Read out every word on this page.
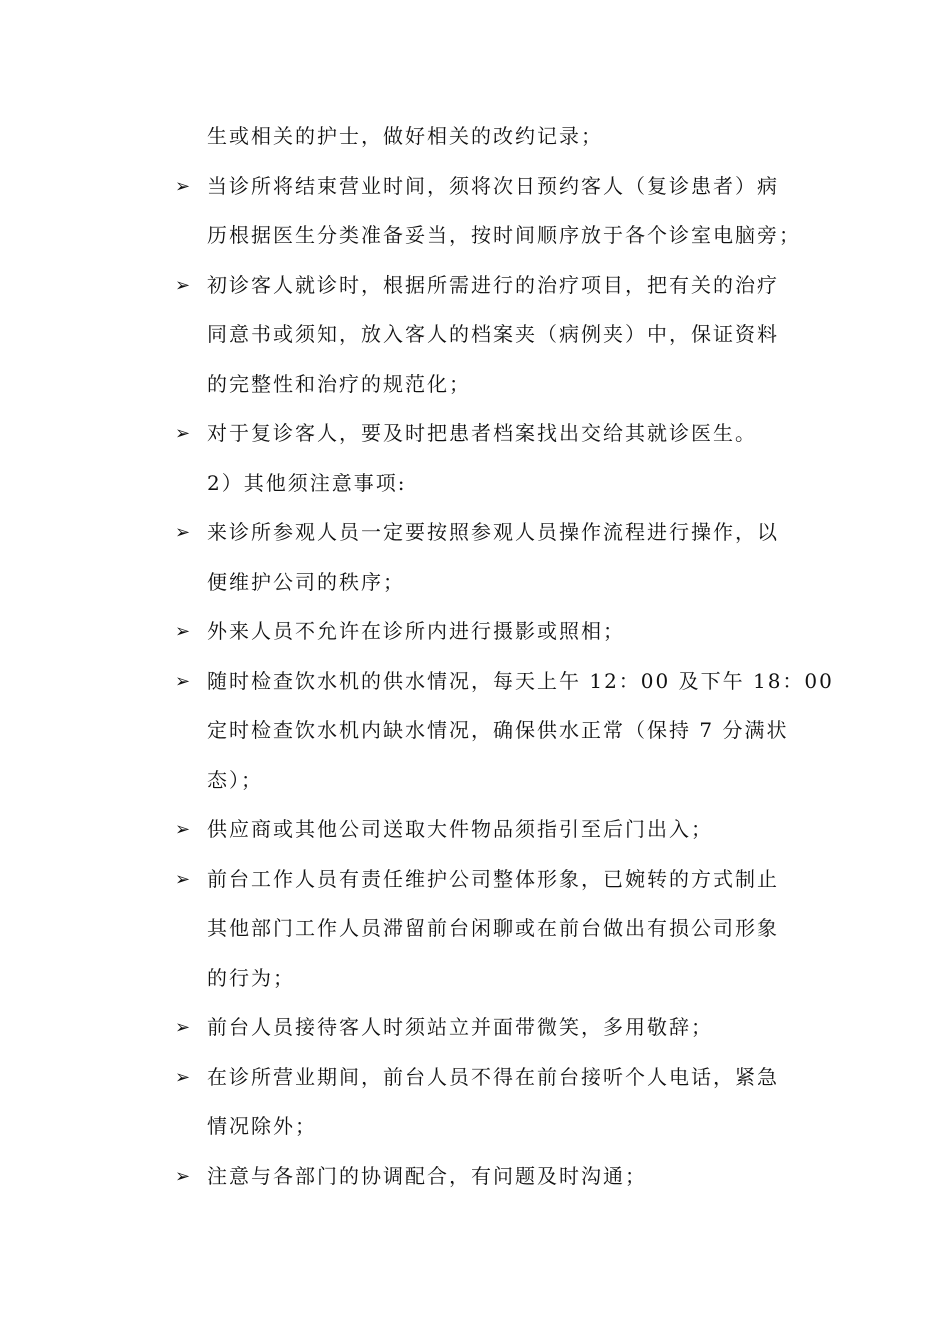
生或相关的护士，做好相关的改约记录；
➢ 当诊所将结束营业时间，须将次日预约客人（复诊患者）病
历根据医生分类准备妥当，按时间顺序放于各个诊室电脑旁；
➢ 初诊客人就诊时，根据所需进行的治疗项目，把有关的治疗
同意书或须知，放入客人的档案夹（病例夹）中，保证资料
的完整性和治疗的规范化；
➢ 对于复诊客人，要及时把患者档案找出交给其就诊医生。
2）其他须注意事项:
➢ 来诊所参观人员一定要按照参观人员操作流程进行操作，以
便维护公司的秩序；
➢ 外来人员不允许在诊所内进行摄影或照相；
➢ 随时检查饮水机的供水情况，每天上午 12：00 及下午 18：00
定时检查饮水机内缺水情况，确保供水正常（保持 7 分满状
态）；
➢ 供应商或其他公司送取大件物品须指引至后门出入；
➢ 前台工作人员有责任维护公司整体形象，已婉转的方式制止
其他部门工作人员滞留前台闲聊或在前台做出有损公司形象
的行为；
➢ 前台人员接待客人时须站立并面带微笑，多用敬辞；
➢ 在诊所营业期间，前台人员不得在前台接听个人电话，紧急
情况除外；
➢ 注意与各部门的协调配合，有问题及时沟通；
